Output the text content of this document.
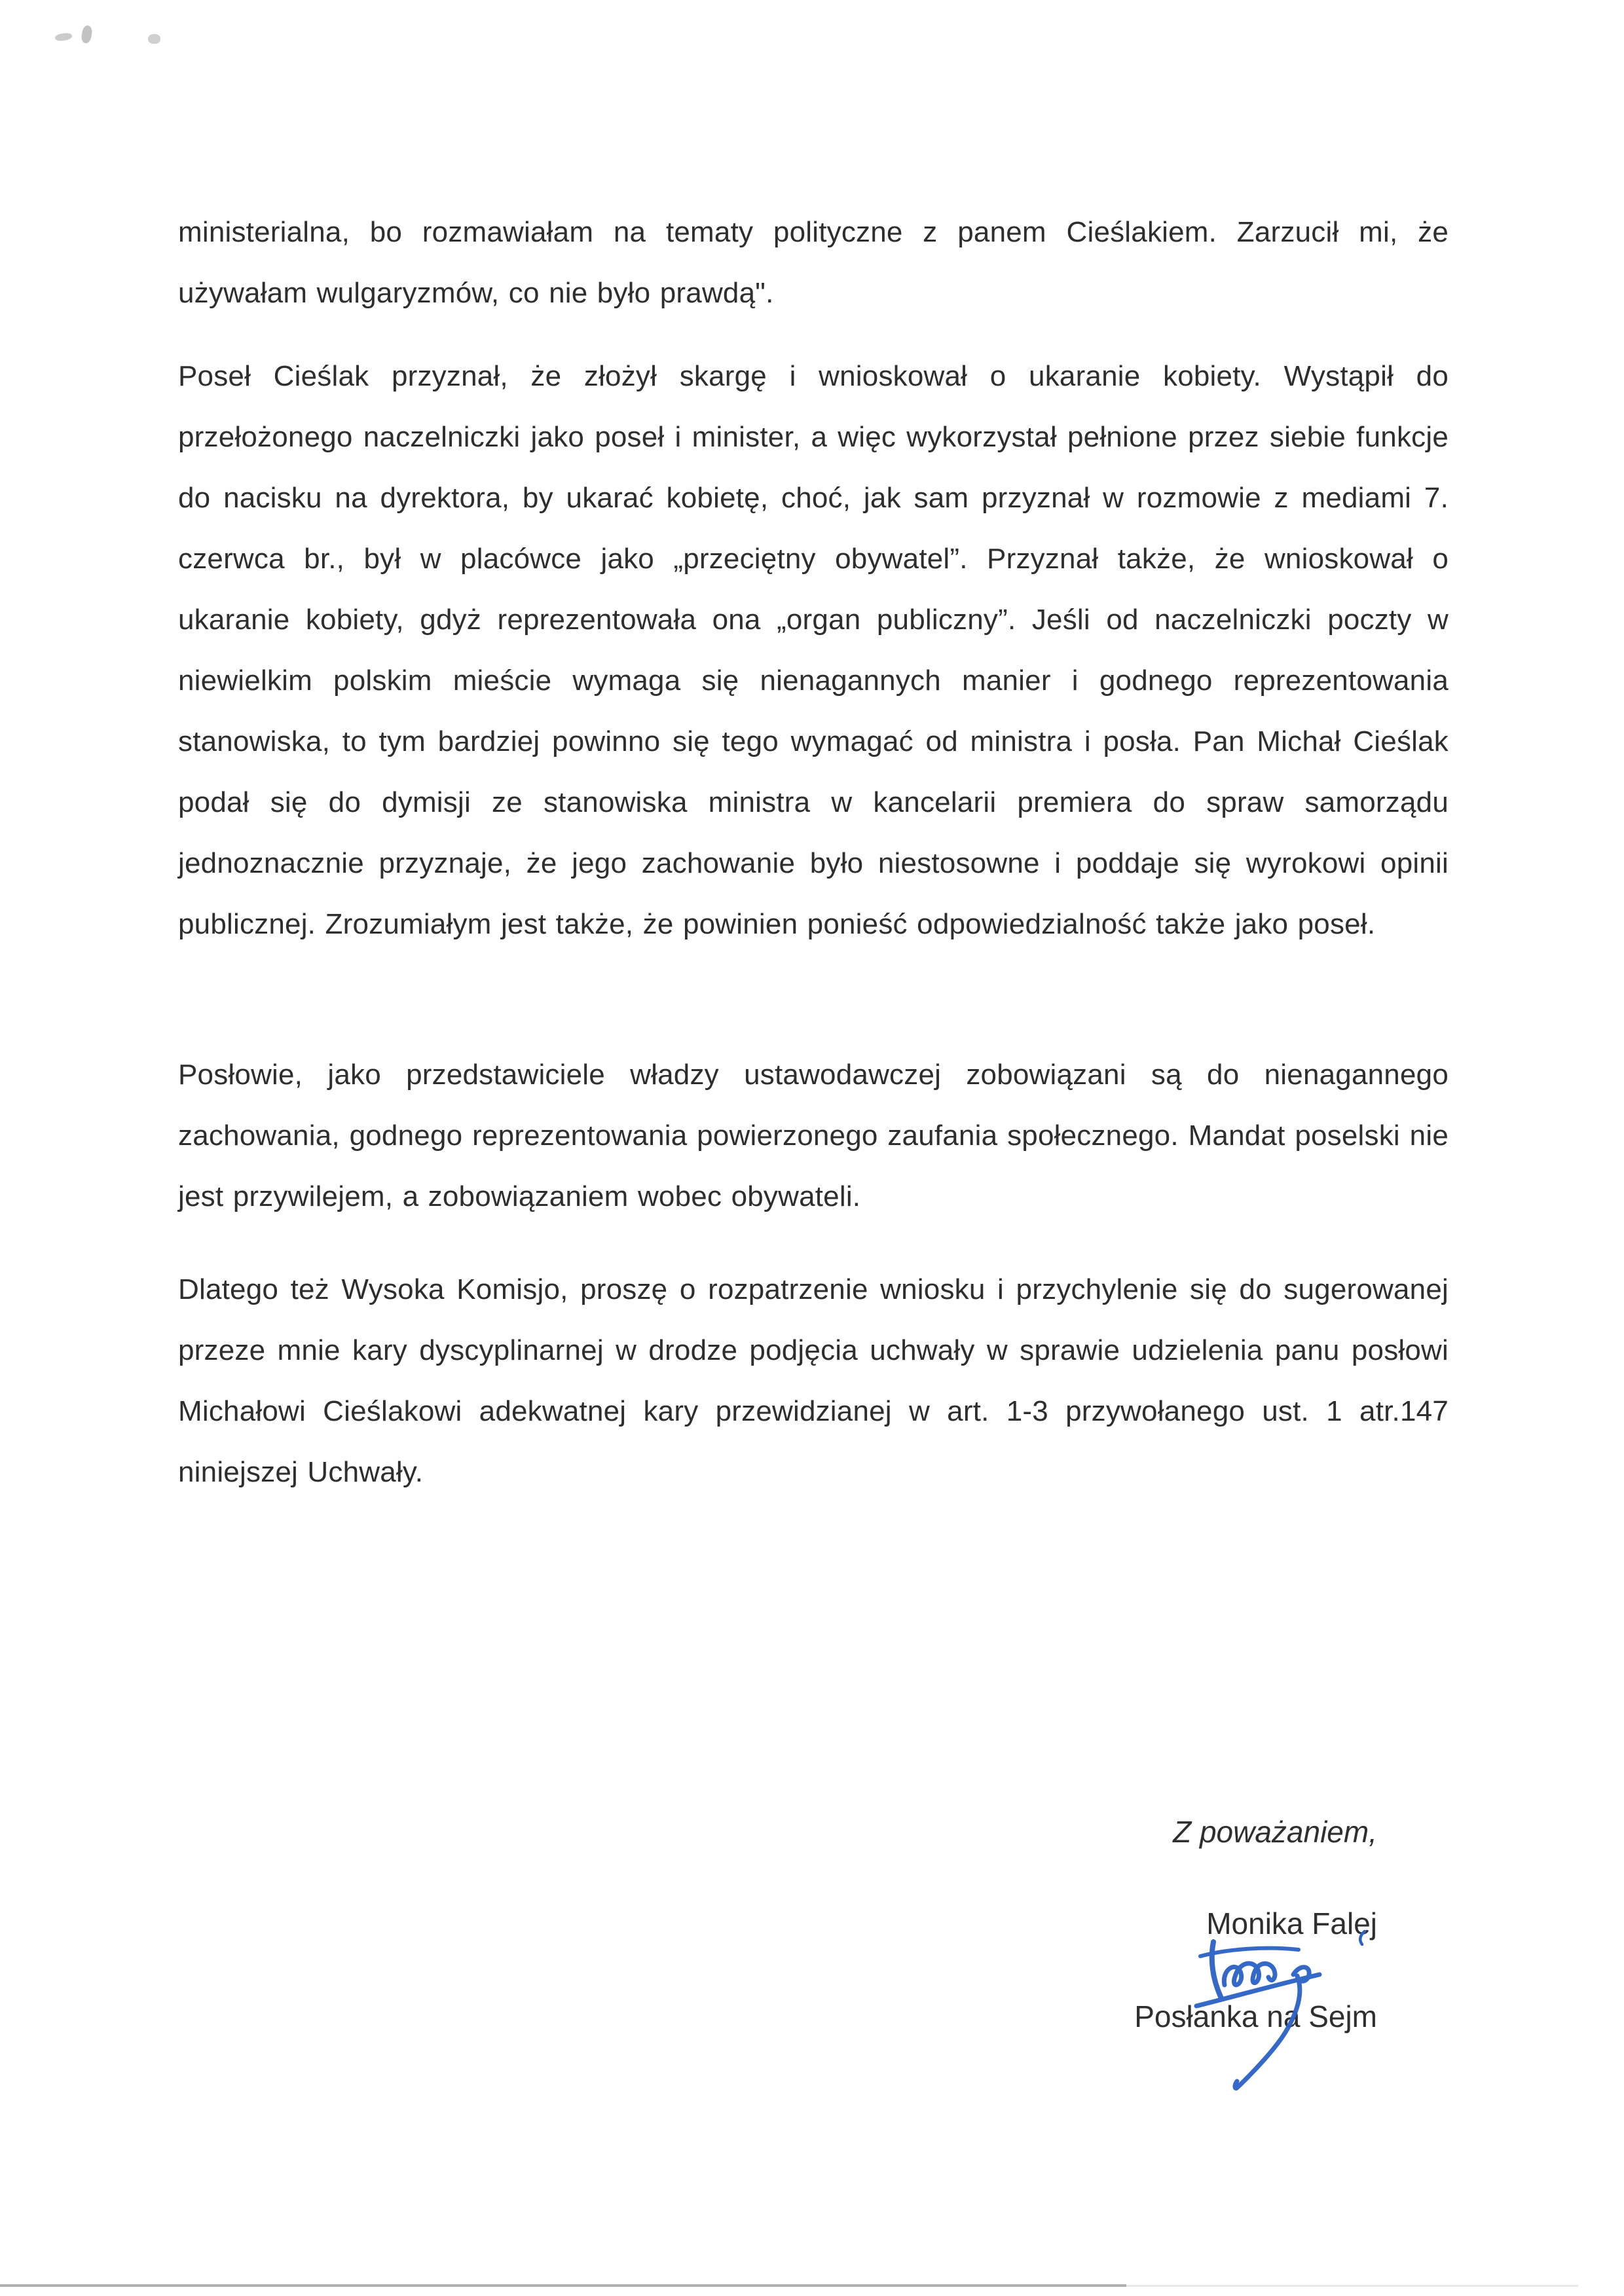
ministerialna, bo rozmawiałam na tematy polityczne z panem Cieślakiem. Zarzucił mi, że używałam wulgaryzmów, co nie było prawdą".

Poseł Cieślak przyznał, że złożył skargę i wnioskował o ukaranie kobiety. Wystąpił do przełożonego naczelniczki jako poseł i minister, a więc wykorzystał pełnione przez siebie funkcje do nacisku na dyrektora, by ukarać kobietę, choć, jak sam przyznał w rozmowie z mediami 7. czerwca br., był w placówce jako „przeciętny obywatel”. Przyznał także, że wnioskował o ukaranie kobiety, gdyż reprezentowała ona „organ publiczny”. Jeśli od naczelniczki poczty w niewielkim polskim mieście wymaga się nienagannych manier i godnego reprezentowania stanowiska, to tym bardziej powinno się tego wymagać od ministra i posła. Pan Michał Cieślak podał się do dymisji ze stanowiska ministra w kancelarii premiera do spraw samorządu jednoznacznie przyznaje, że jego zachowanie było niestosowne i poddaje się wyrokowi opinii publicznej. Zrozumiałym jest także, że powinien ponieść odpowiedzialność także jako poseł.

Posłowie, jako przedstawiciele władzy ustawodawczej zobowiązani są do nienagannego zachowania, godnego reprezentowania powierzonego zaufania społecznego. Mandat poselski nie jest przywilejem, a zobowiązaniem wobec obywateli.

Dlatego też Wysoka Komisjo, proszę o rozpatrzenie wniosku i przychylenie się do sugerowanej przeze mnie kary dyscyplinarnej w drodze podjęcia uchwały w sprawie udzielenia panu posłowi Michałowi Cieślakowi adekwatnej kary przewidzianej w art. 1-3 przywołanego ust. 1 atr.147 niniejszej Uchwały.

Z poważaniem,
Monika Falej
Posłanka na Sejm
